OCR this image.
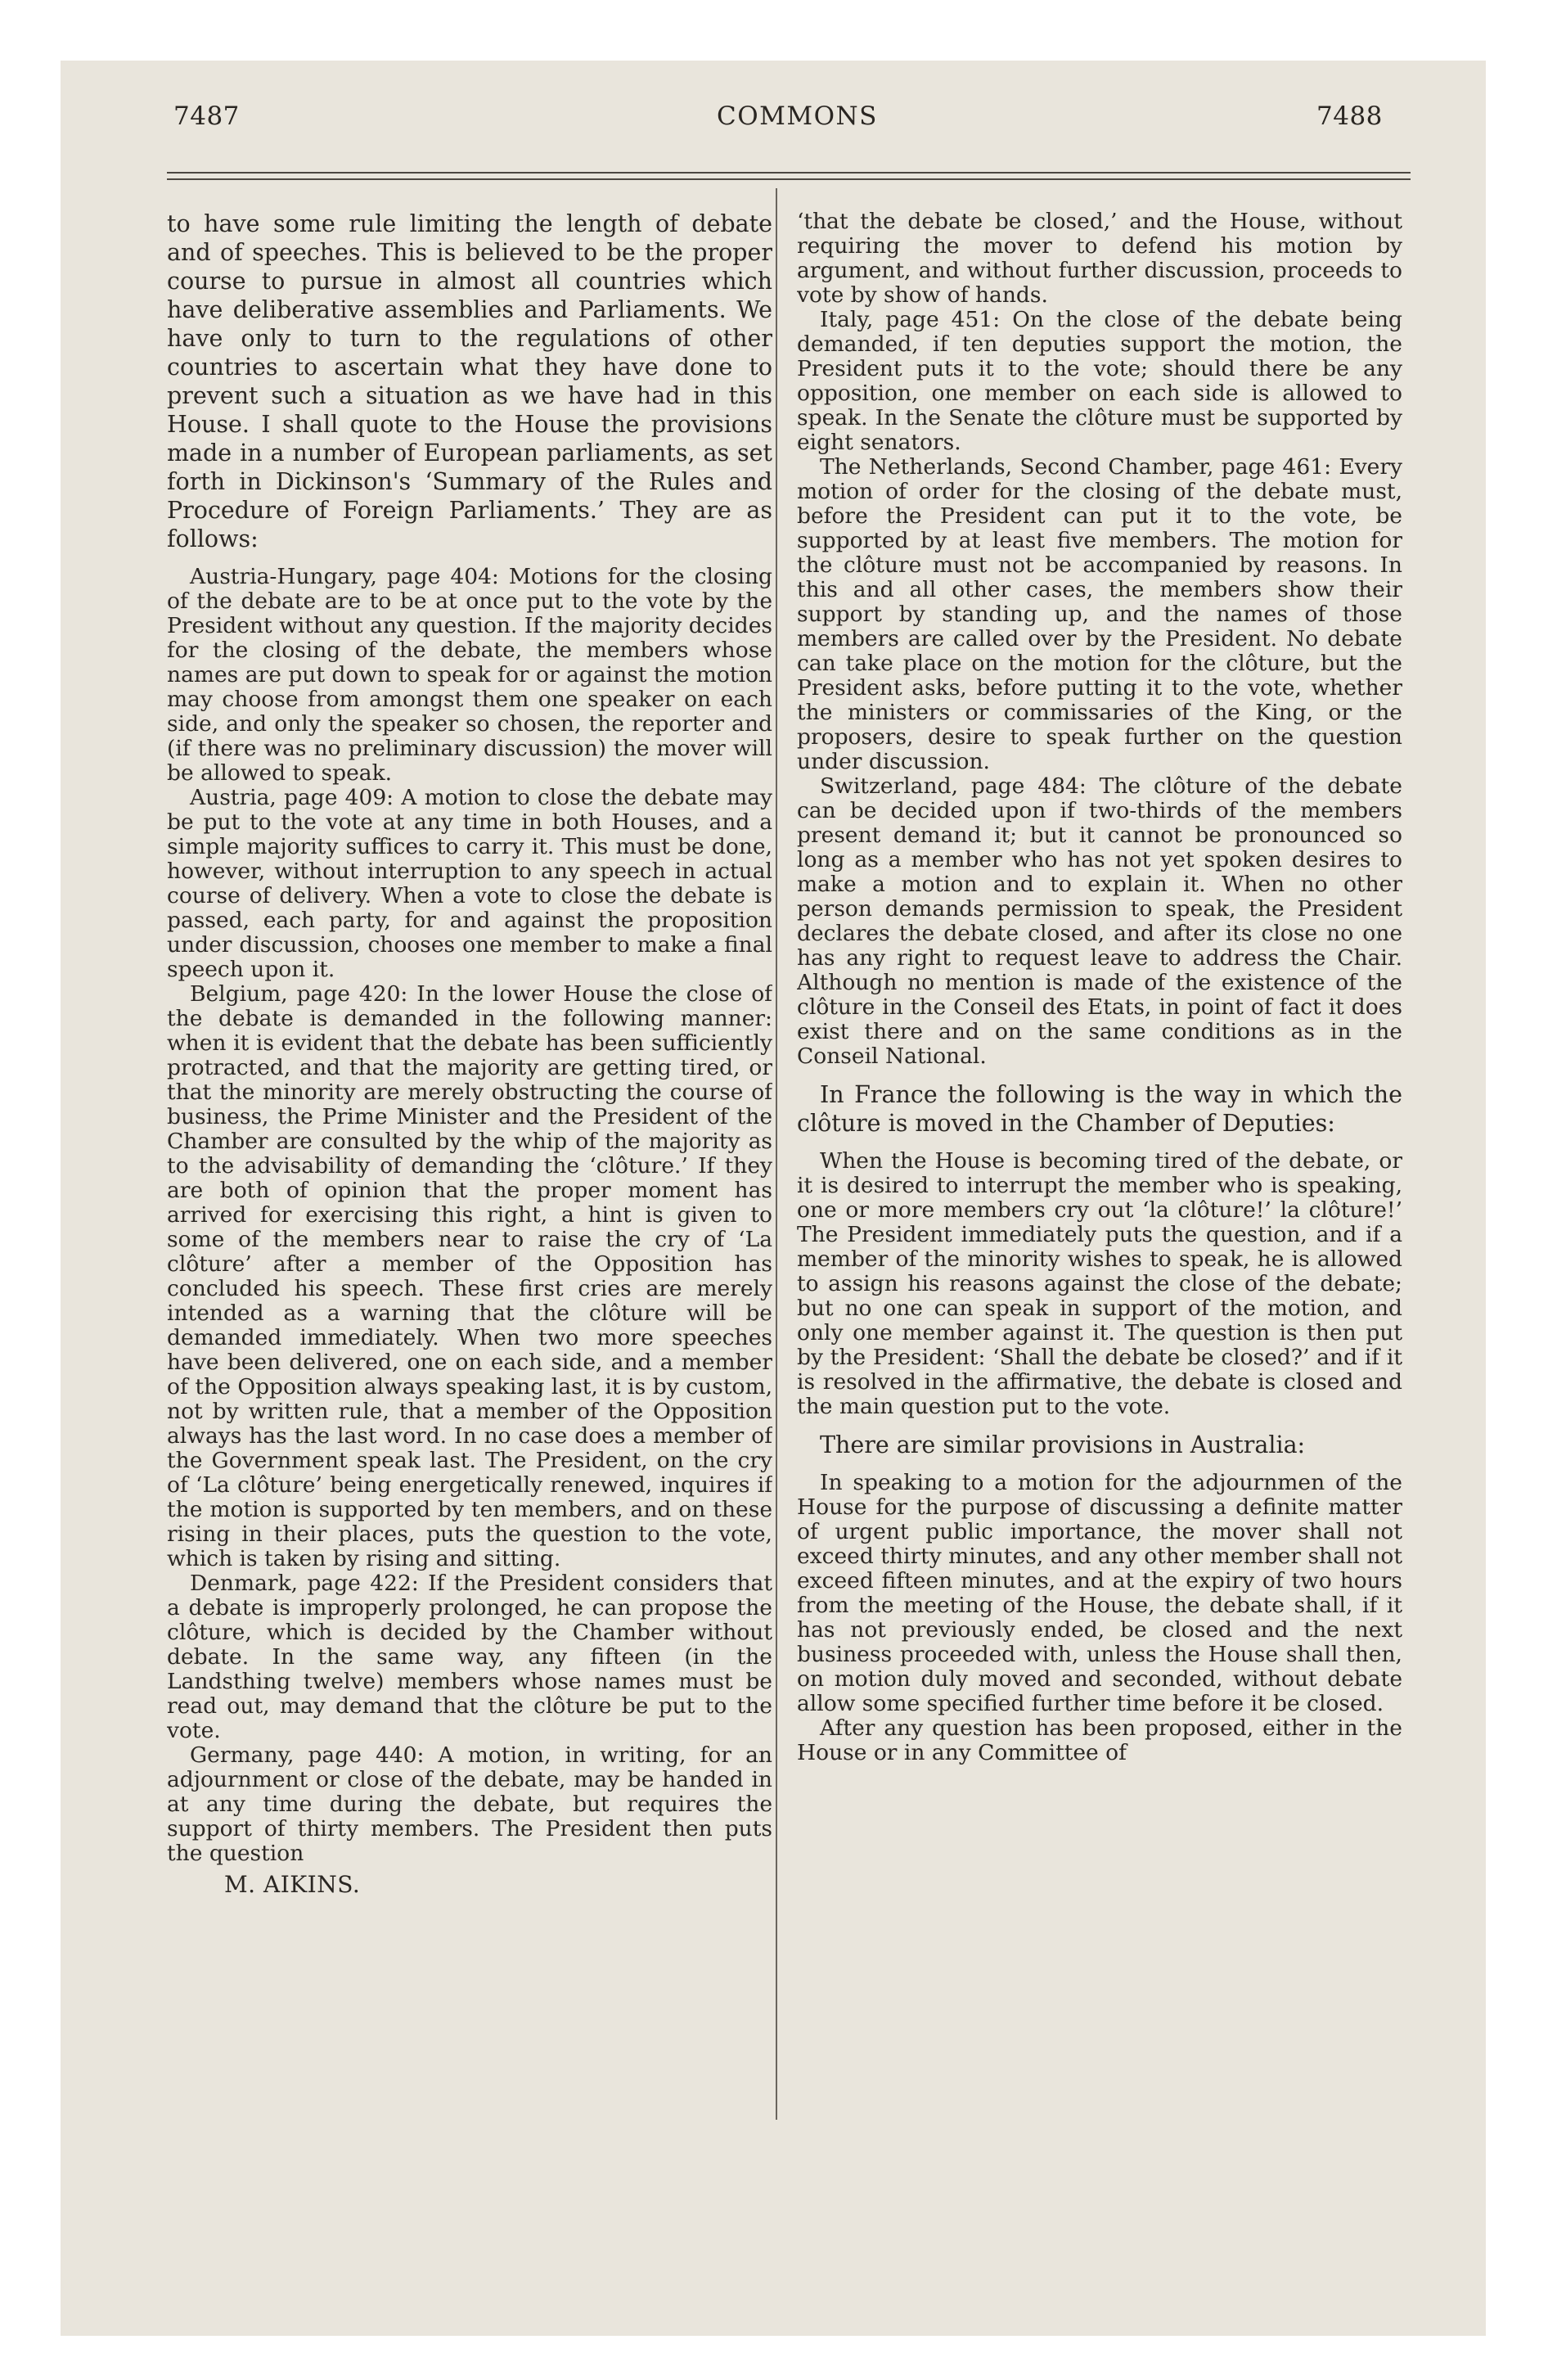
7487	COMMONS	7488

to have some rule limiting the length of debate and of speeches. This is believed to be the proper course to pursue in almost all countries which have deliberative assemblies and Parliaments. We have only to turn to the regulations of other countries to ascertain what they have done to prevent such a situation as we have had in this House. I shall quote to the House the provisions made in a number of European parliaments, as set forth in Dickinson's ‘Summary of the Rules and Procedure of Foreign Parliaments.’ They are as follows:

Austria-Hungary, page 404: Motions for the closing of the debate are to be at once put to the vote by the President without any question. If the majority decides for the closing of the debate, the members whose names are put down to speak for or against the motion may choose from amongst them one speaker on each side, and only the speaker so chosen, the reporter and (if there was no preliminary discussion) the mover will be allowed to speak.

Austria, page 409: A motion to close the debate may be put to the vote at any time in both Houses, and a simple majority suffices to carry it. This must be done, however, without interruption to any speech in actual course of delivery. When a vote to close the debate is passed, each party, for and against the proposition under discussion, chooses one member to make a final speech upon it.

Belgium, page 420: In the lower House the close of the debate is demanded in the following manner: when it is evident that the debate has been sufficiently protracted, and that the majority are getting tired, or that the minority are merely obstructing the course of business, the Prime Minister and the President of the Chamber are consulted by the whip of the majority as to the advisability of demanding the ‘clôture.’ If they are both of opinion that the proper moment has arrived for exercising this right, a hint is given to some of the members near to raise the cry of ‘La clôture’ after a member of the Opposition has concluded his speech. These first cries are merely intended as a warning that the clôture will be demanded immediately. When two more speeches have been delivered, one on each side, and a member of the Opposition always speaking last, it is by custom, not by written rule, that a member of the Opposition always has the last word. In no case does a member of the Government speak last. The President, on the cry of ‘La clôture’ being energetically renewed, inquires if the motion is supported by ten members, and on these rising in their places, puts the question to the vote, which is taken by rising and sitting.

Denmark, page 422: If the President considers that a debate is improperly prolonged, he can propose the clôture, which is decided by the Chamber without debate. In the same way, any fifteen (in the Landsthing twelve) members whose names must be read out, may demand that the clôture be put to the vote.

Germany, page 440: A motion, in writing, for an adjournment or close of the debate, may be handed in at any time during the debate, but requires the support of thirty members. The President then puts the question

M. AIKINS.

‘that the debate be closed,’ and the House, without requiring the mover to defend his motion by argument, and without further discussion, proceeds to vote by show of hands.

Italy, page 451: On the close of the debate being demanded, if ten deputies support the motion, the President puts it to the vote; should there be any opposition, one member on each side is allowed to speak. In the Senate the clôture must be supported by eight senators.

The Netherlands, Second Chamber, page 461: Every motion of order for the closing of the debate must, before the President can put it to the vote, be supported by at least five members. The motion for the clôture must not be accompanied by reasons. In this and all other cases, the members show their support by standing up, and the names of those members are called over by the President. No debate can take place on the motion for the clôture, but the President asks, before putting it to the vote, whether the ministers or commissaries of the King, or the proposers, desire to speak further on the question under discussion.

Switzerland, page 484: The clôture of the debate can be decided upon if two-thirds of the members present demand it; but it cannot be pronounced so long as a member who has not yet spoken desires to make a motion and to explain it. When no other person demands permission to speak, the President declares the debate closed, and after its close no one has any right to request leave to address the Chair. Although no mention is made of the existence of the clôture in the Conseil des Etats, in point of fact it does exist there and on the same conditions as in the Conseil National.

In France the following is the way in which the clôture is moved in the Chamber of Deputies:

When the House is becoming tired of the debate, or it is desired to interrupt the member who is speaking, one or more members cry out ‘la clôture!’ la clôture!’ The President immediately puts the question, and if a member of the minority wishes to speak, he is allowed to assign his reasons against the close of the debate; but no one can speak in support of the motion, and only one member against it. The question is then put by the President: ‘Shall the debate be closed?’ and if it is resolved in the affirmative, the debate is closed and the main question put to the vote.

There are similar provisions in Australia:

In speaking to a motion for the adjournmen of the House for the purpose of discussing a definite matter of urgent public importance, the mover shall not exceed thirty minutes, and any other member shall not exceed fifteen minutes, and at the expiry of two hours from the meeting of the House, the debate shall, if it has not previously ended, be closed and the next business proceeded with, unless the House shall then, on motion duly moved and seconded, without debate allow some specified further time before it be closed.

After any question has been proposed, either in the House or in any Committee of
